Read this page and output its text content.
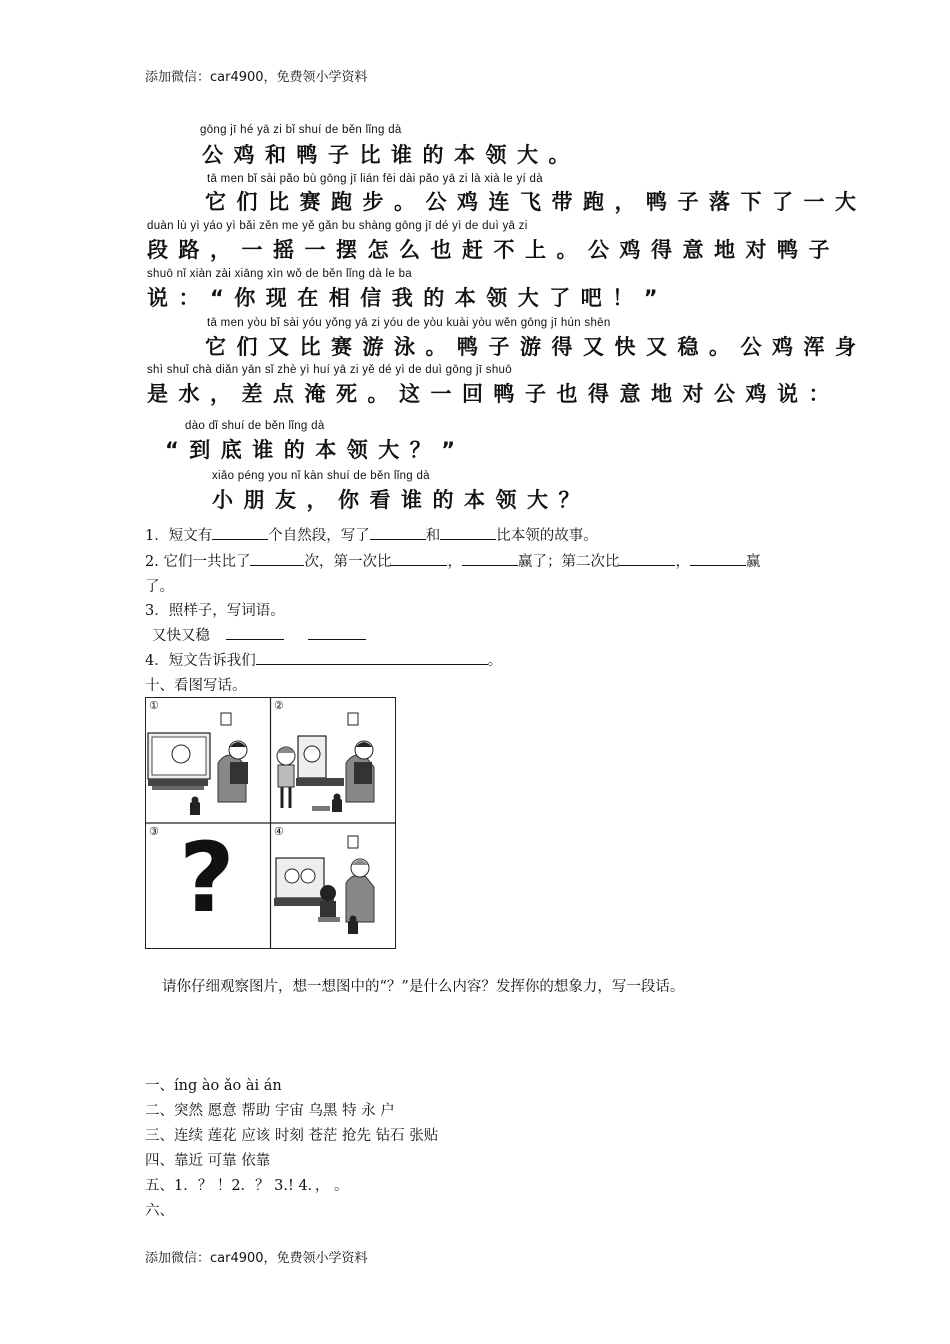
添加微信：car4900，免费领小学资料
gōng jī hé yā zi bǐ shuí de běn lǐng dà
公鸡和鸭子比谁的本领大。
tā men bǐ sài pǎo bù gōng jī lián fēi dài pǎo yā zi là xià le yí dà
它们比赛跑步。公鸡连飞带跑，鸭子落下了一大
duàn lù yì yáo yì bǎi zěn me yě gǎn bu shàng gōng jī dé yì de duì yā zi
段路，一摇一摆怎么也赶不上。公鸡得意地对鸭子
shuō nǐ xiàn zài xiāng xìn wǒ de běn lǐng dà le ba
说：“你现在相信我的本领大了吧！”
tā men yòu bǐ sài yóu yǒng yā zi yóu de yòu kuài yòu wěn gōng jī hún shēn
它们又比赛游泳。鸭子游得又快又稳。公鸡浑身
shì shuǐ chà diǎn yān sǐ zhè yì huí yā zi yě dé yì de duì gōng jī shuō
是水，差点淹死。这一回鸭子也得意地对公鸡说：
dào dǐ shuí de běn lǐng dà
“到底谁的本领大？”
xiǎo péng you nǐ kàn shuí de běn lǐng dà
小朋友，你看谁的本领大？
1．短文有	个自然段，写了	和	比本领的故事。
2. 它们一共比了	次，第一次比	，	赢了；第二次比	，	赢
了。
3．照样子，写词语。
又快又稳
4．短文告诉我们	。
十、看图写话。
①	②
③	④
?
请你仔细观察图片，想一想图中的“？”是什么内容？发挥你的想象力，写一段话。
一、íng ào ǎo ài án
二、突然 愿意 帮助 宇宙 乌黑 特 永 户
三、连续 莲花 应该 时刻 苍茫 抢先 钻石 张贴
四、靠近 可靠 依靠
五、1．？ ！2．？ 3.! 4．， 。
六、
添加微信：car4900，免费领小学资料
